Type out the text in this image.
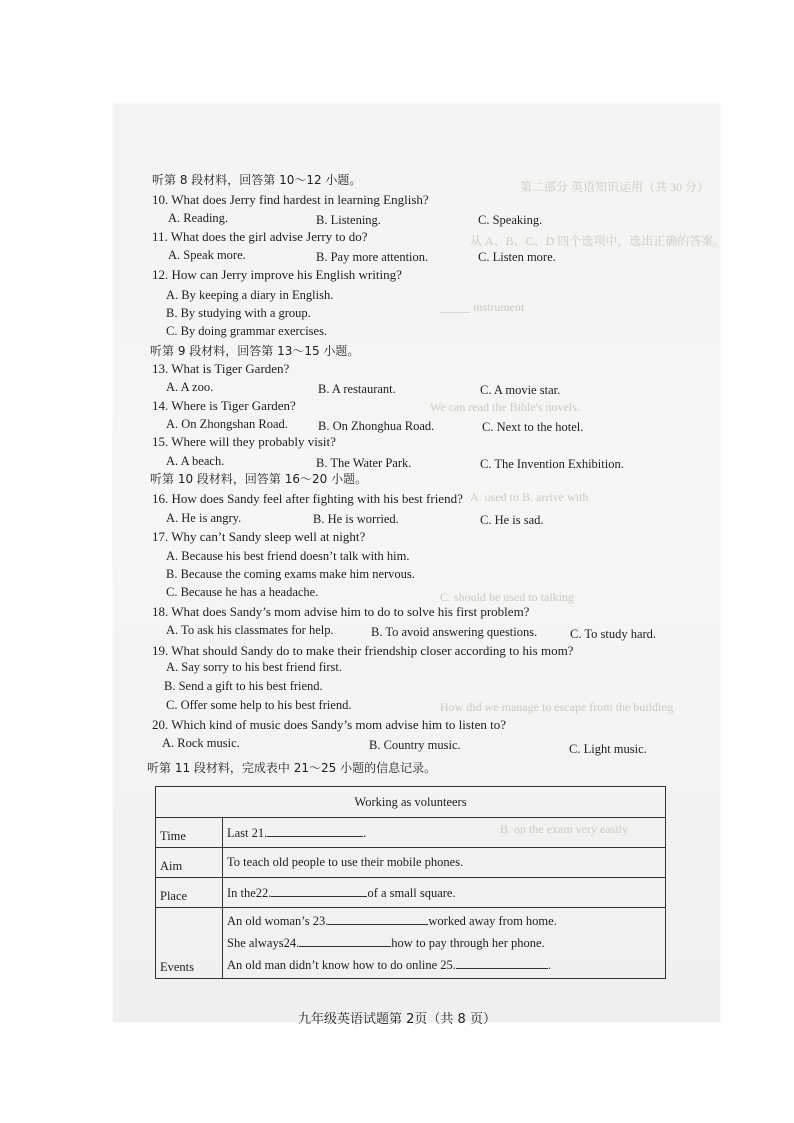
第二部分 英语知识运用（共 30 分）
从 A、B、C、D 四个选项中，选出正确的答案。
_____ instrument
We can read the Bible's novels.
A. used to B. arrive with
C. should be used to talking
How did we manage to escape from the building
B. on the exam very easily
听第 8 段材料，回答第 10～12 小题。
10. What does Jerry find hardest in learning English?
A. Reading.	B. Listening.	C. Speaking.
11. What does the girl advise Jerry to do?
A. Speak more.	B. Pay more attention.	C. Listen more.
12. How can Jerry improve his English writing?
A. By keeping a diary in English.
B. By studying with a group.
C. By doing grammar exercises.
听第 9 段材料，回答第 13～15 小题。
13. What is Tiger Garden?
A. A zoo.	B. A restaurant.	C. A movie star.
14. Where is Tiger Garden?
A. On Zhongshan Road. B. On Zhonghua Road.	C. Next to the hotel.
15. Where will they probably visit?
A. A beach.	B. The Water Park.	C. The Invention Exhibition.
听第 10 段材料，回答第 16～20 小题。
16. How does Sandy feel after fighting with his best friend?
A. He is angry.	B. He is worried.	C. He is sad.
17. Why can’t Sandy sleep well at night?
A. Because his best friend doesn’t talk with him.
B. Because the coming exams make him nervous.
C. Because he has a headache.
18. What does Sandy’s mom advise him to do to solve his first problem?
A. To ask his classmates for help.	B. To avoid answering questions.	C. To study hard.
19. What should Sandy do to make their friendship closer according to his mom?
A. Say sorry to his best friend first.
B. Send a gift to his best friend.
C. Offer some help to his best friend.
20. Which kind of music does Sandy’s mom advise him to listen to?
A. Rock music.	B. Country music.	C. Light music.
听第 11 段材料，完成表中 21～25 小题的信息记录。
Working as volunteers	
Time	Last 21. .
Aim	To teach old people to use their mobile phones.
Place	In the22. of a small square.
Events	An old woman’s 23. worked away from home.
She always24. how to pay through her phone.
An old man didn’t know how to do online 25. .
九年级英语试题第 2页（共 8 页）
